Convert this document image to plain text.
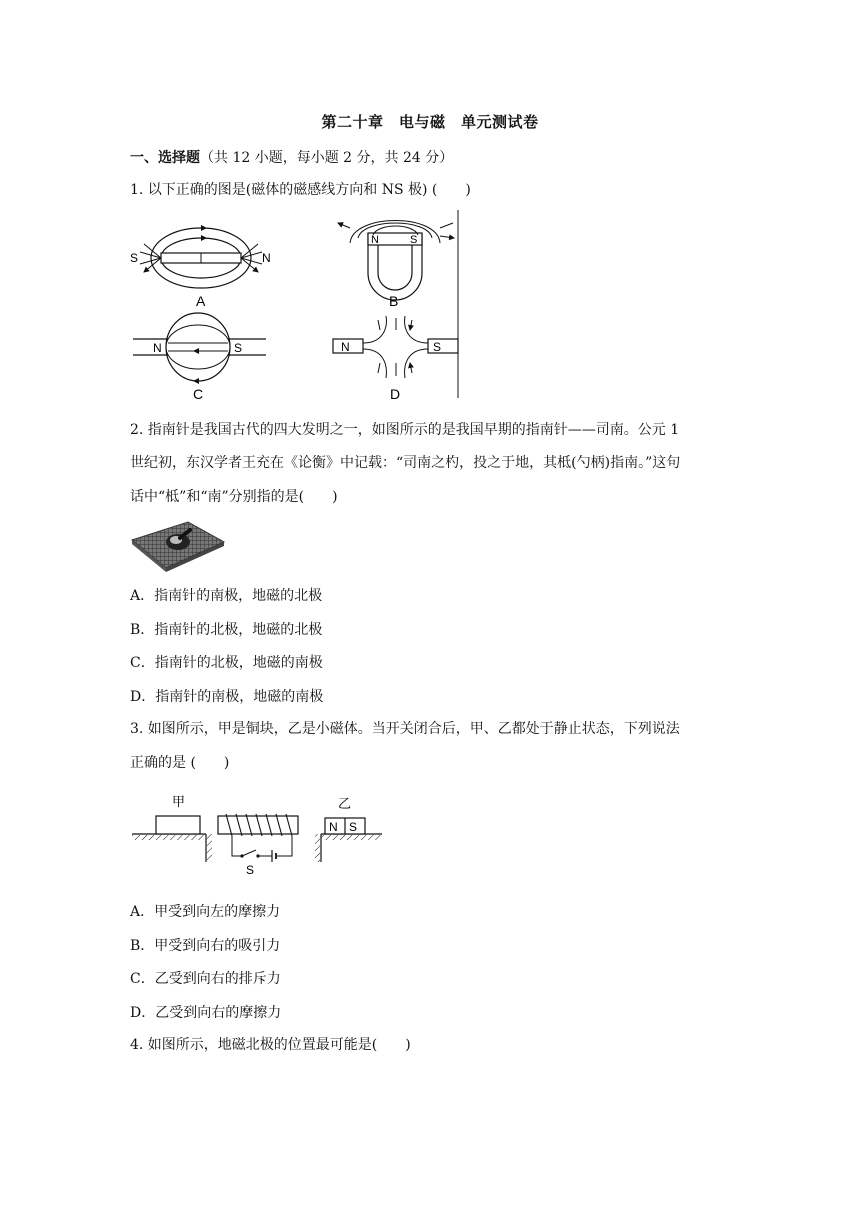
第二十章　电与磁　单元测试卷
一、选择题（共 12 小题，每小题 2 分，共 24 分）
1. 以下正确的图是(磁体的磁感线方向和 NS 极) (　　)
S	N
A
N	S
B
N	S
C
N	S
D
2. 指南针是我国古代的四大发明之一，如图所示的是我国早期的指南针——司南。公元 1
世纪初，东汉学者王充在《论衡》中记载：“司南之杓，投之于地，其柢(勺柄)指南。”这句
话中“柢”和“南”分别指的是(　　)
A．指南针的南极，地磁的北极
B．指南针的北极，地磁的北极
C．指南针的北极，地磁的南极
D．指南针的南极，地磁的南极
3. 如图所示，甲是铜块，乙是小磁体。当开关闭合后，甲、乙都处于静止状态，下列说法
正确的是 (　　)
甲
S
N S
乙
A．甲受到向左的摩擦力
B．甲受到向右的吸引力
C．乙受到向右的排斥力
D．乙受到向右的摩擦力
4. 如图所示，地磁北极的位置最可能是(　　)
